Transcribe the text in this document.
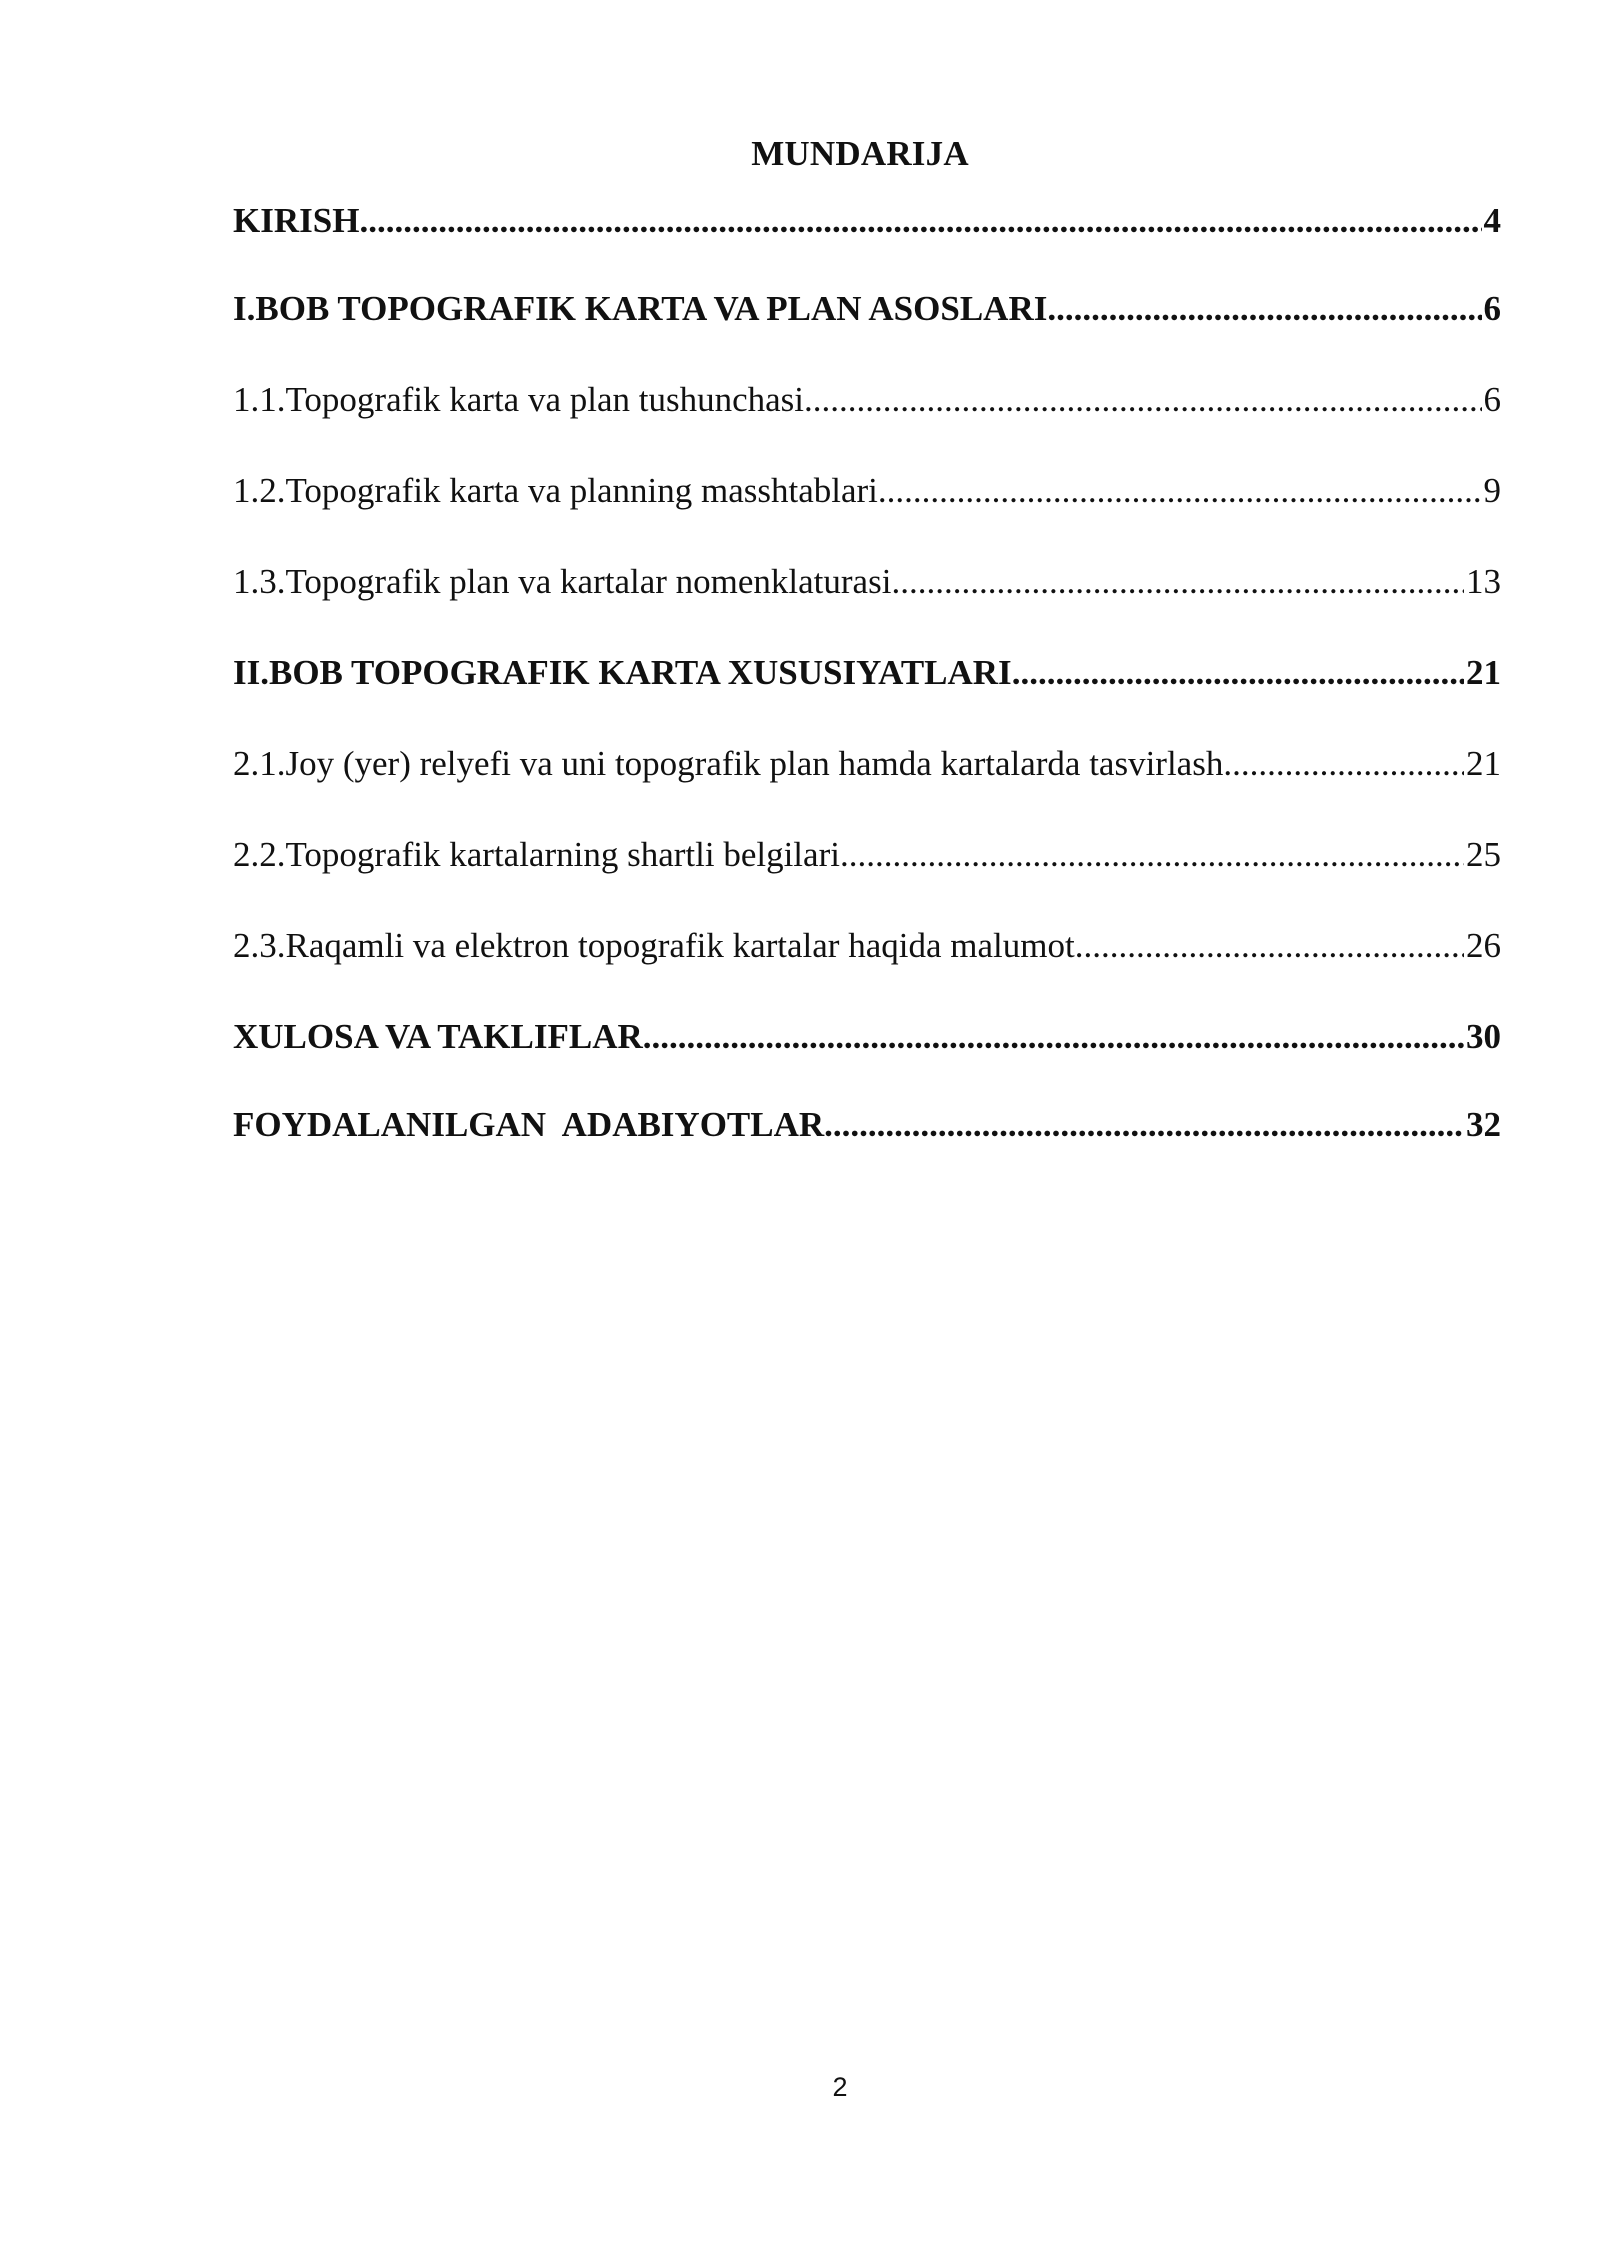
MUNDARIJA
KIRISH .....	4
I.BOB TOPOGRAFIK KARTA VA PLAN ASOSLARI .....	6
1.1.Topografik karta va plan tushunchasi .....	6
1.2.Topografik karta va planning masshtablari .....	9
1.3.Topografik plan va kartalar nomenklaturasi .....	13
II.BOB TOPOGRAFIK KARTA XUSUSIYATLARI .....	21
2.1.Joy (yer) relyefi va uni topografik plan hamda kartalarda tasvirlash .....	21
2.2.Topografik kartalarning shartli belgilari .....	25
2.3.Raqamli va elektron topografik kartalar haqida malumot .....	26
XULOSA VA TAKLIFLAR .....	30
FOYDALANILGAN  ADABIYOTLAR .....	32
2
